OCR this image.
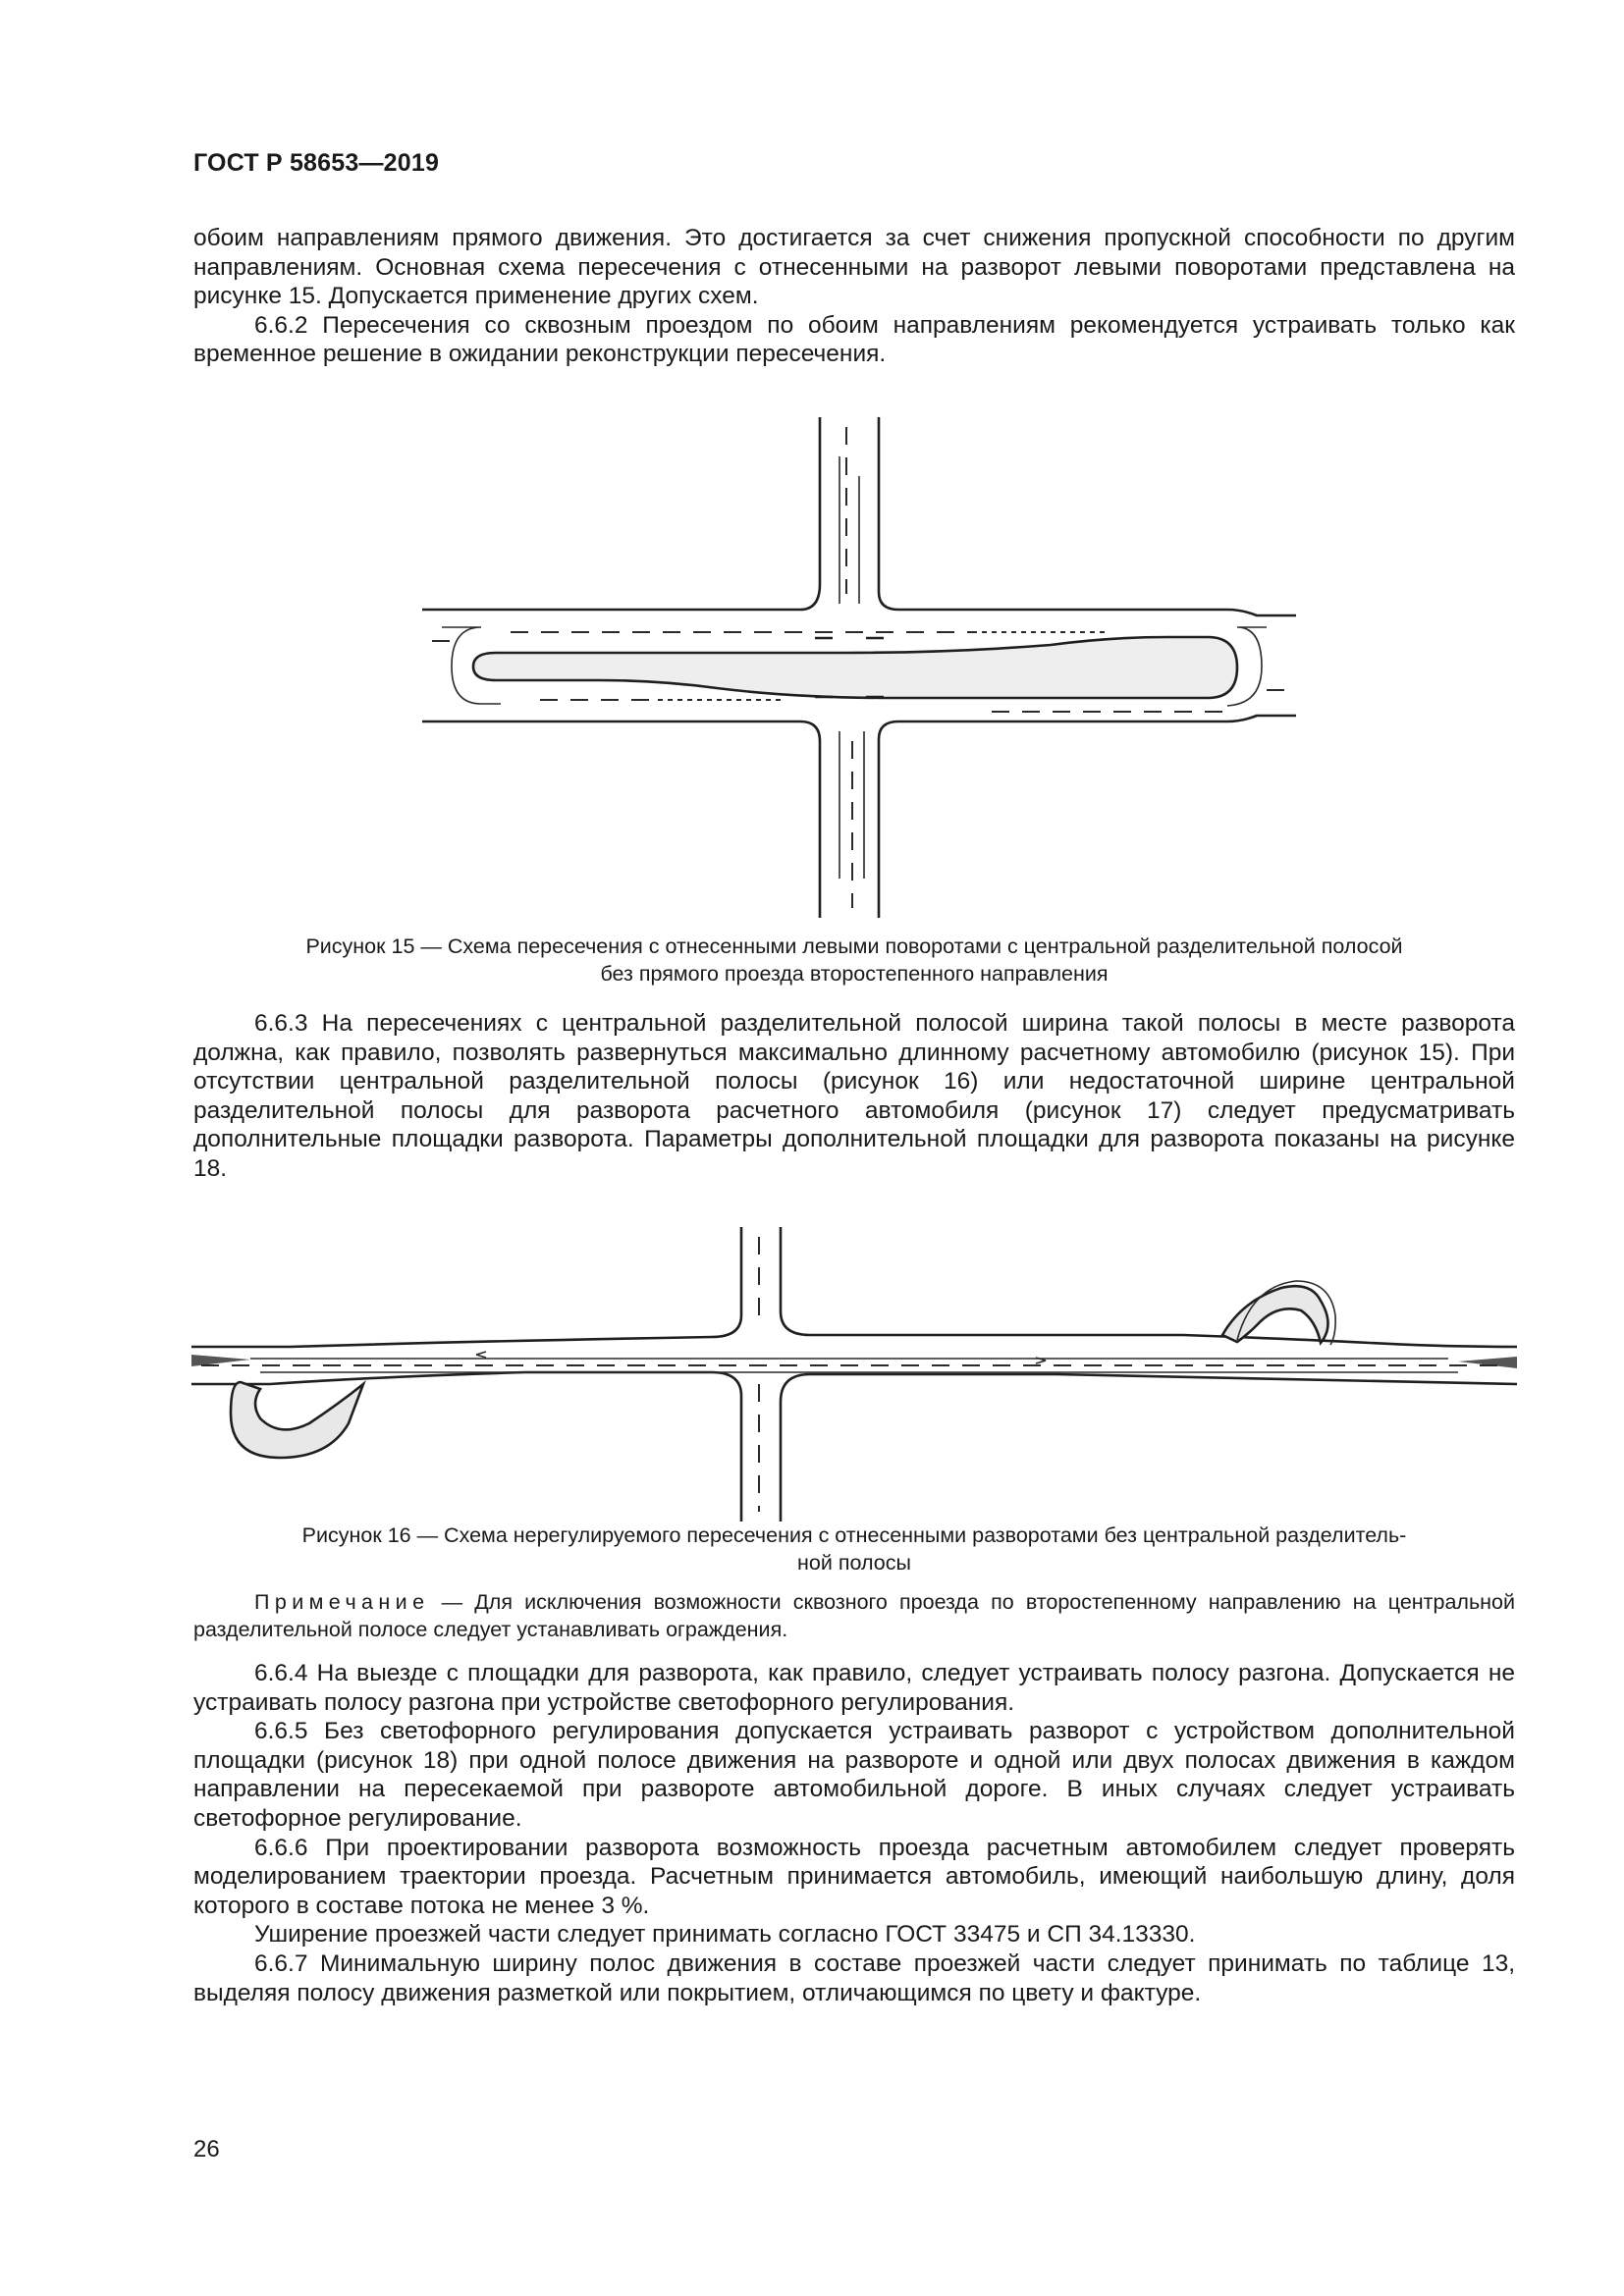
ГОСТ Р 58653—2019

обоим направлениям прямого движения. Это достигается за счет снижения пропускной способности по другим направлениям. Основная схема пересечения с отнесенными на разворот левыми поворотами представлена на рисунке 15. Допускается применение других схем.

6.6.2 Пересечения со сквозным проездом по обоим направлениям рекомендуется устраивать только как временное решение в ожидании реконструкции пересечения.

Рисунок 15 — Схема пересечения с отнесенными левыми поворотами с центральной разделительной полосой
без прямого проезда второстепенного направления

6.6.3 На пересечениях с центральной разделительной полосой ширина такой полосы в месте разворота должна, как правило, позволять развернуться максимально длинному расчетному автомобилю (рисунок 15). При отсутствии центральной разделительной полосы (рисунок 16) или недостаточной ширине центральной разделительной полосы для разворота расчетного автомобиля (рисунок 17) следует предусматривать дополнительные площадки разворота. Параметры дополнительной площадки для разворота показаны на рисунке 18.

Рисунок 16 — Схема нерегулируемого пересечения с отнесенными разворотами без центральной разделитель-
ной полосы
Примечание — Для исключения возможности сквозного проезда по второстепенному направлению на центральной разделительной полосе следует устанавливать ограждения.

6.6.4 На выезде с площадки для разворота, как правило, следует устраивать полосу разгона. Допускается не устраивать полосу разгона при устройстве светофорного регулирования.

6.6.5 Без светофорного регулирования допускается устраивать разворот с устройством дополнительной площадки (рисунок 18) при одной полосе движения на развороте и одной или двух полосах движения в каждом направлении на пересекаемой при развороте автомобильной дороге. В иных случаях следует устраивать светофорное регулирование.

6.6.6 При проектировании разворота возможность проезда расчетным автомобилем следует проверять моделированием траектории проезда. Расчетным принимается автомобиль, имеющий наибольшую длину, доля которого в составе потока не менее 3 %.

Уширение проезжей части следует принимать согласно ГОСТ 33475 и СП 34.13330.

6.6.7 Минимальную ширину полос движения в составе проезжей части следует принимать по таблице 13, выделяя полосу движения разметкой или покрытием, отличающимся по цвету и фактуре.

26
